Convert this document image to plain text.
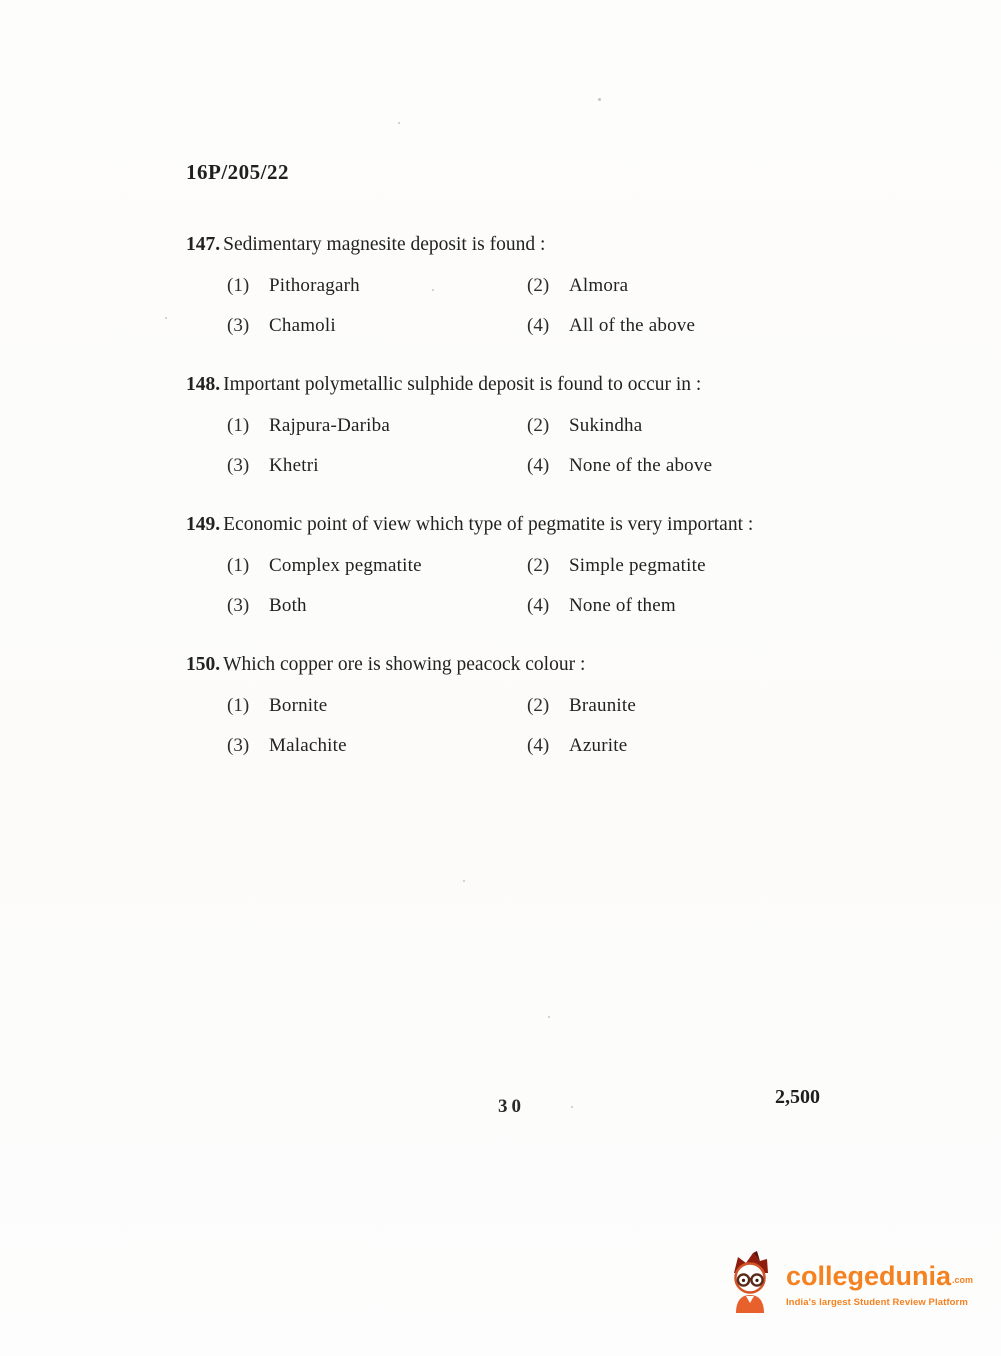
16P/205/22
147. Sedimentary magnesite deposit is found :
(1)	Pithoragarh	(2)	Almora
(3)	Chamoli	(4)	All of the above
148. Important polymetallic sulphide deposit is found to occur in :
(1)	Rajpura-Dariba	(2)	Sukindha
(3)	Khetri	(4)	None of the above
149. Economic point of view which type of pegmatite is very important :
(1)	Complex pegmatite	(2)	Simple pegmatite
(3)	Both	(4)	None of them
150. Which copper ore is showing peacock colour :
(1)	Bornite	(2)	Braunite
(3)	Malachite	(4)	Azurite
30	2,500
collegedunia .com
India's largest Student Review Platform
